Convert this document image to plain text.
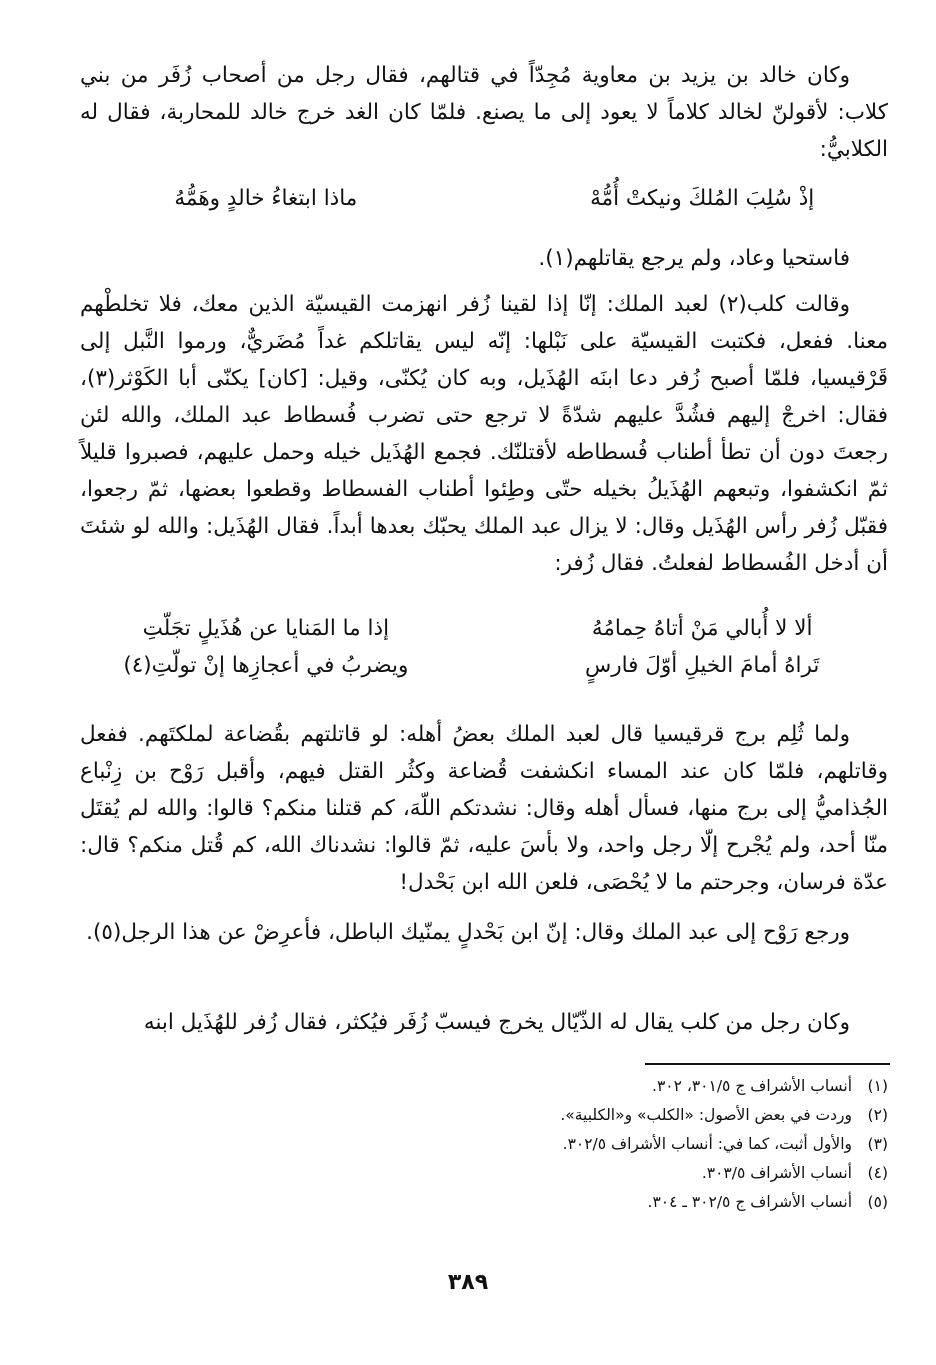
وكان خالد بن يزيد بن معاوية مُجِدّاً في قتالهم، فقال رجل من أصحاب زُفَر من بني كلاب: لأقولنّ لخالد كلاماً لا يعود إلى ما يصنع. فلمّا كان الغد خرج خالد للمحاربة، فقال له الكلابيُّ:

إذْ سُلِبَ المُلكَ ونيكتْ أُمُّهْ
ماذا ابتغاءُ خالدٍ وهَمُّهُ

فاستحيا وعاد، ولم يرجع يقاتلهم(١).

وقالت كلب(٢) لعبد الملك: إنّا إذا لقينا زُفر انهزمت القيسيّة الذين معك، فلا تخلطْهم معنا. ففعل، فكتبت القيسيّة على نَبْلها: إنّه ليس يقاتلكم غداً مُضَريٌّ، ورموا النَّبل إلى قَرْقيسيا، فلمّا أصبح زُفر دعا ابنَه الهُذَيل، وبه كان يُكنّى، وقيل: [كان] يكنّى أبا الكَوْثر(٣)، فقال: اخرجْ إليهم فشُدَّ عليهم شدّةً لا ترجع حتى تضرب فُسطاط عبد الملك، والله لئن رجعتَ دون أن تطأ أطناب فُسطاطه لأقتلنّك. فجمع الهُذَيل خيله وحمل عليهم، فصبروا قليلاً ثمّ انكشفوا، وتبعهم الهُذَيلُ بخيله حتّى وطِئوا أطناب الفسطاط وقطعوا بعضها، ثمّ رجعوا، فقبّل زُفر رأس الهُذَيل وقال: لا يزال عبد الملك يحبّك بعدها أبداً. فقال الهُذَيل: والله لو شئتَ أن أدخل الفُسطاط لفعلتُ. فقال زُفر:

ألا لا أُبالي مَنْ أتاهُ حِمامُهُ
إذا ما المَنايا عن هُذَيلٍ تجَلّتِ
تَراهُ أمامَ الخيلِ أوّلَ فارسٍ
ويضربُ في أعجازِها إنْ تولّتِ(٤)

ولما ثُلِم برج قرقيسيا قال لعبد الملك بعضُ أهله: لو قاتلتهم بقُضاعة لملكتَهم. ففعل وقاتلهم، فلمّا كان عند المساء انكشفت قُضاعة وكثُر القتل فيهم، وأقبل رَوْح بن زِنْباع الجُذاميُّ إلى برج منها، فسأل أهله وقال: نشدتكم اللّهَ، كم قتلنا منكم؟ قالوا: والله لم يُقتَل منّا أحد، ولم يُجْرح إلّا رجل واحد، ولا بأسَ عليه، ثمّ قالوا: نشدناك الله، كم قُتل منكم؟ قال: عدّة فرسان، وجرحتم ما لا يُحْصَى، فلعن الله ابن بَحْدل!

ورجع رَوْح إلى عبد الملك وقال: إنّ ابن بَحْدلٍ يمنّيك الباطل، فأعرِضْ عن هذا الرجل(٥).

وكان رجل من كلب يقال له الذّيّال يخرج فيسبّ زُفَر فيُكثر، فقال زُفر للهُذَيل ابنه

(١)
أنساب الأشراف ج ٣٠١/٥، ٣٠٢.
(٢)
وردت في بعض الأصول: «الكلب» و«الكلبية».
(٣)
والأول أثبت، كما في: أنساب الأشراف ٣٠٢/٥.
(٤)
أنساب الأشراف ٣٠٣/٥.
(٥)
أنساب الأشراف ج ٣٠٢/٥ ـ ٣٠٤.
٣٨٩
